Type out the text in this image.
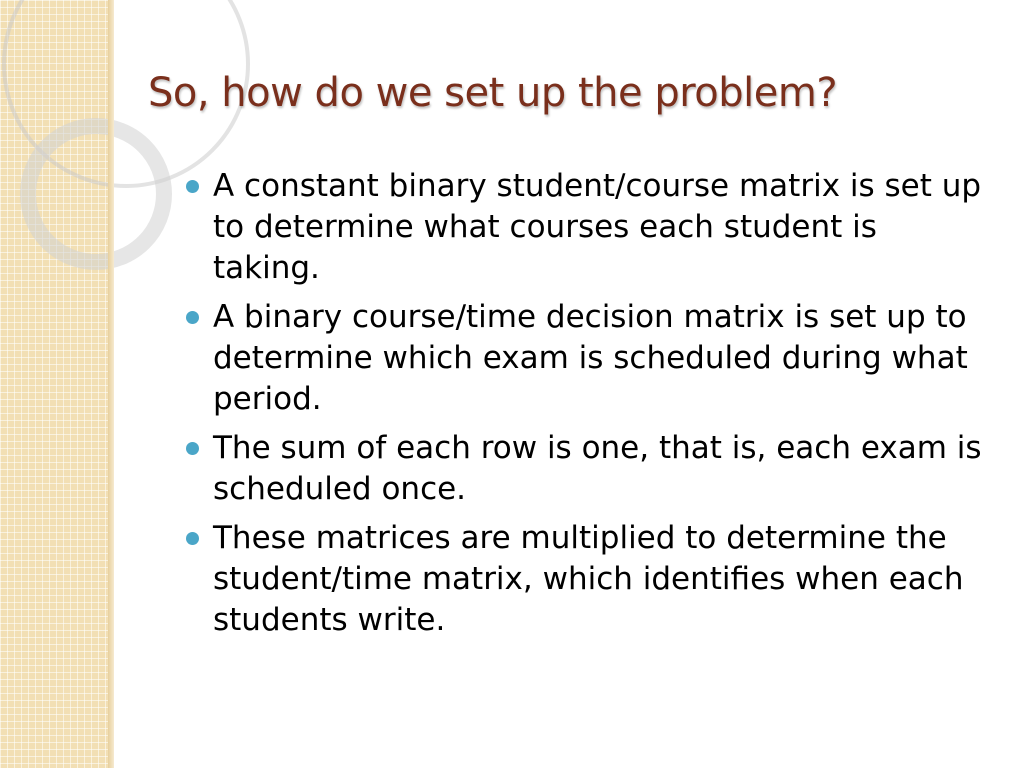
So, how do we set up the problem?
A constant binary student/course matrix is set up to determine what courses each student is taking.
A binary course/time decision matrix is set up to determine which exam is scheduled during what period.
The sum of each row is one, that is, each exam is scheduled once.
These matrices are multiplied to determine the student/time matrix, which identifies when each students write.
